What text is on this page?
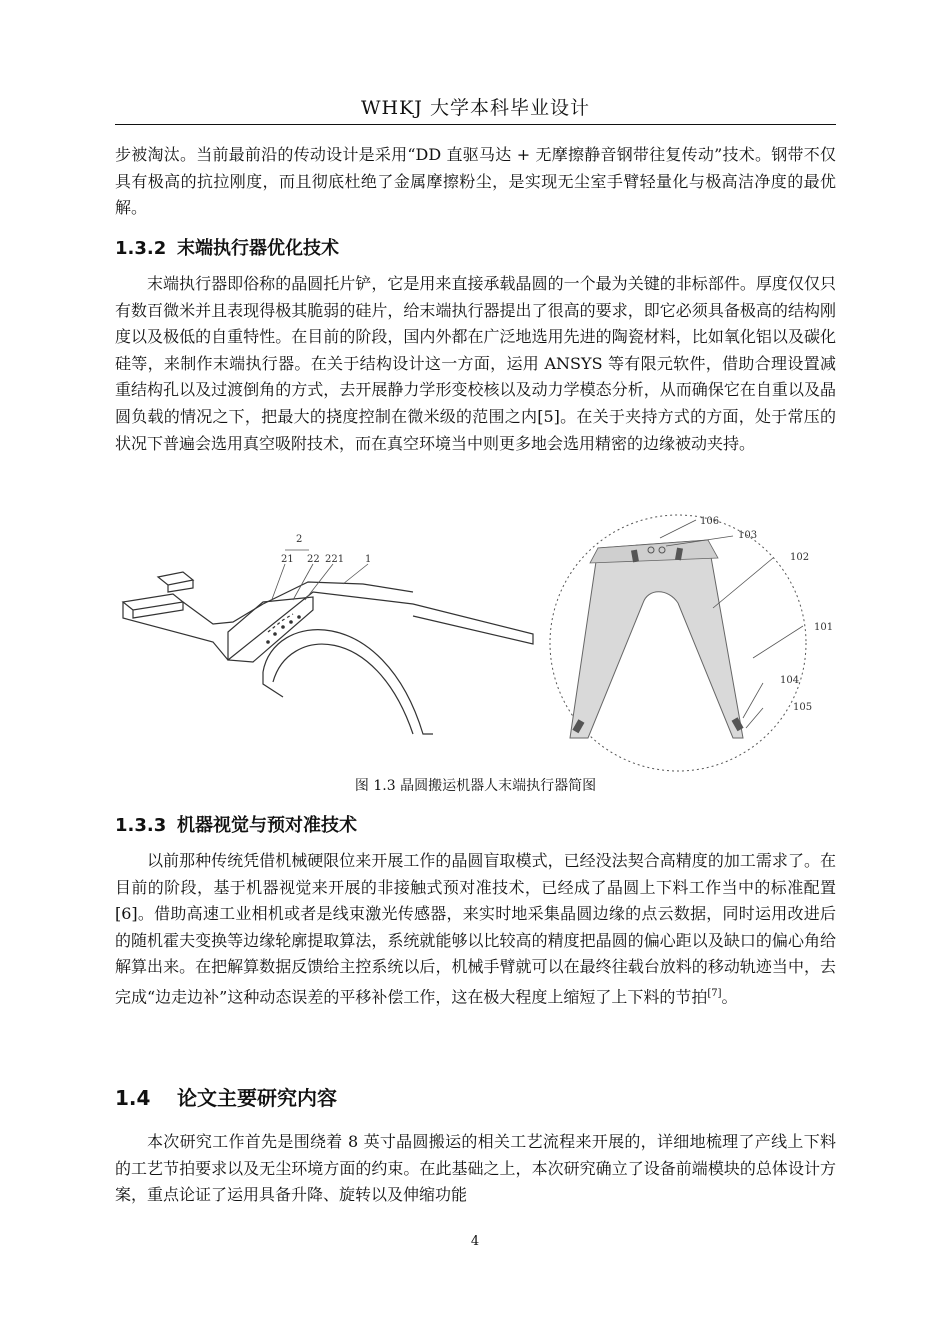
WHKJ 大学本科毕业设计

步被淘汰。当前最前沿的传动设计是采用“DD 直驱马达 + 无摩擦静音钢带往复传动”技术。钢带不仅具有极高的抗拉刚度，而且彻底杜绝了金属摩擦粉尘，是实现无尘室手臂轻量化与极高洁净度的最优解。

1.3.2 末端执行器优化技术

末端执行器即俗称的晶圆托片铲，它是用来直接承载晶圆的一个最为关键的非标部件。厚度仅仅只有数百微米并且表现得极其脆弱的硅片，给末端执行器提出了很高的要求，即它必须具备极高的结构刚度以及极低的自重特性。在目前的阶段，国内外都在广泛地选用先进的陶瓷材料，比如氧化铝以及碳化硅等，来制作末端执行器。在关于结构设计这一方面，运用 ANSYS 等有限元软件，借助合理设置减重结构孔以及过渡倒角的方式，去开展静力学形变校核以及动力学模态分析，从而确保它在自重以及晶圆负载的情况之下，把最大的挠度控制在微米级的范围之内[5]。在关于夹持方式的方面，处于常压的状况下普遍会选用真空吸附技术，而在真空环境当中则更多地会选用精密的边缘被动夹持。

2
21 22 221 1
106
103
102
101
104
105
图 1.3 晶圆搬运机器人末端执行器简图
1.3.3 机器视觉与预对准技术

以前那种传统凭借机械硬限位来开展工作的晶圆盲取模式，已经没法契合高精度的加工需求了。在目前的阶段，基于机器视觉来开展的非接触式预对准技术，已经成了晶圆上下料工作当中的标准配置[6]。借助高速工业相机或者是线束激光传感器，来实时地采集晶圆边缘的点云数据，同时运用改进后的随机霍夫变换等边缘轮廓提取算法，系统就能够以比较高的精度把晶圆的偏心距以及缺口的偏心角给解算出来。在把解算数据反馈给主控系统以后，机械手臂就可以在最终往载台放料的移动轨迹当中，去完成“边走边补”这种动态误差的平移补偿工作，这在极大程度上缩短了上下料的节拍[7]。

1.4 论文主要研究内容

本次研究工作首先是围绕着 8 英寸晶圆搬运的相关工艺流程来开展的，详细地梳理了产线上下料的工艺节拍要求以及无尘环境方面的约束。在此基础之上，本次研究确立了设备前端模块的总体设计方案，重点论证了运用具备升降、旋转以及伸缩功能

4
